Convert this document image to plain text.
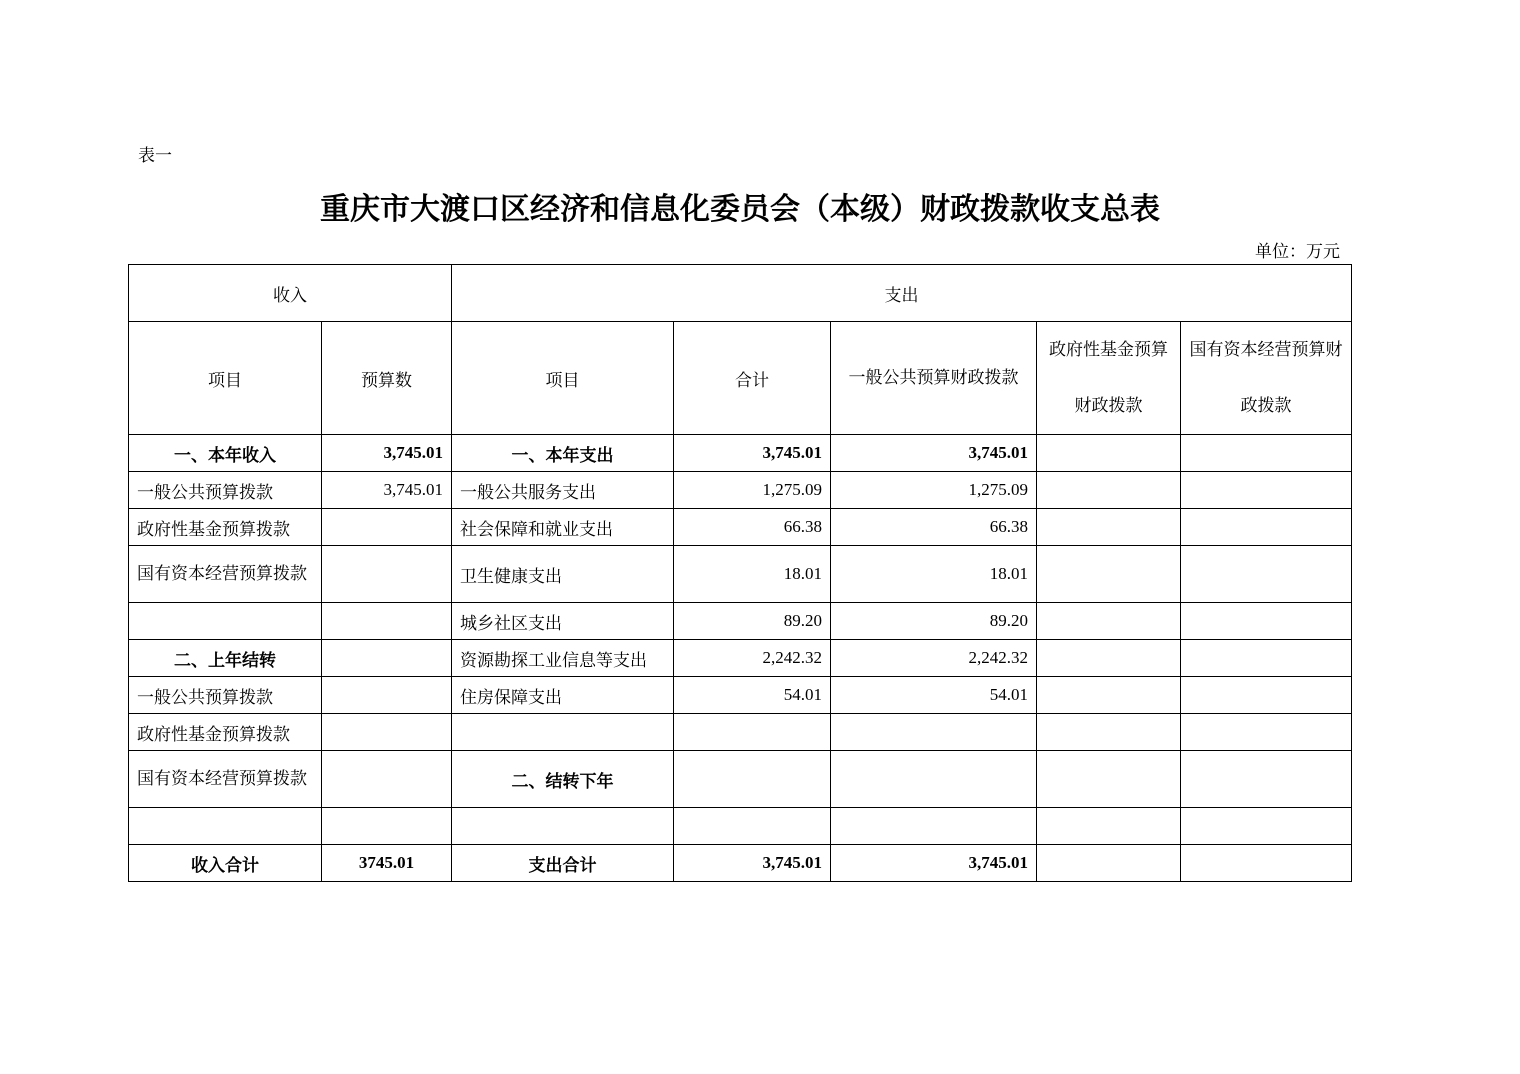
表一
重庆市大渡口区经济和信息化委员会（本级）财政拨款收支总表
单位：万元
收入		支出				
项目	预算数	项目	合计	一般公共预算财政拨款	政府性基金预算财政拨款	国有资本经营预算财政拨款
一、本年收入	3,745.01	一、本年支出	3,745.01	3,745.01		
一般公共预算拨款	3,745.01	一般公共服务支出	1,275.09	1,275.09		
政府性基金预算拨款		社会保障和就业支出	66.38	66.38		
国有资本经营预算拨款		卫生健康支出	18.01	18.01		
		城乡社区支出	89.20	89.20		
二、上年结转		资源勘探工业信息等支出	2,242.32	2,242.32		
一般公共预算拨款		住房保障支出	54.01	54.01		
政府性基金预算拨款						
国有资本经营预算拨款		二、结转下年				

收入合计	3745.01	支出合计	3,745.01	3,745.01		
